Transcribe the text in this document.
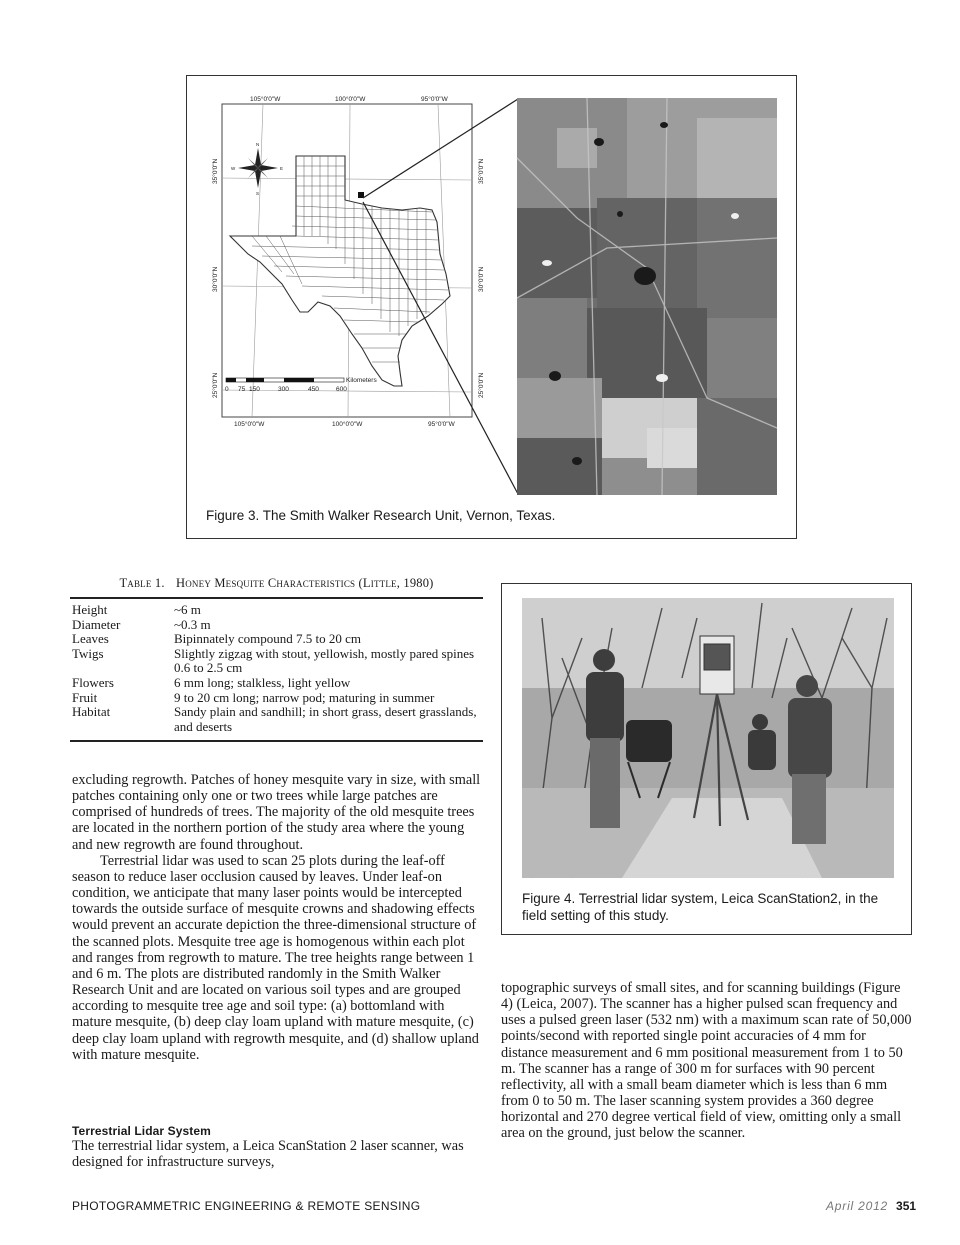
105°0'0"W	100°0'0"W	95°0'0"W
105°0'0"W	100°0'0"W	95°0'0"W
35°0'0"N
30°0'0"N
25°0'0"N
35°0'0"N
30°0'0"N
25°0'0"N
N
S
W	E
Kilometers
0 75 150	300	450	600
Figure 3. The Smith Walker Research Unit, Vernon, Texas.
Table 1. Honey Mesquite Characteristics (Little, 1980)
Height	~6 m
Diameter	~0.3 m
Leaves	Bipinnately compound 7.5 to 20 cm
Twigs	Slightly zigzag with stout, yellowish, mostly pared spines 0.6 to 2.5 cm
Flowers	6 mm long; stalkless, light yellow
Fruit	9 to 20 cm long; narrow pod; maturing in summer
Habitat	Sandy plain and sandhill; in short grass, desert grasslands, and deserts
Figure 4. Terrestrial lidar system, Leica ScanStation2, in the field setting of this study.

excluding regrowth. Patches of honey mesquite vary in size, with small patches containing only one or two trees while large patches are comprised of hundreds of trees. The majority of the old mesquite trees are located in the northern portion of the study area where the young and new regrowth are found throughout.

Terrestrial lidar was used to scan 25 plots during the leaf-off season to reduce laser occlusion caused by leaves. Under leaf-on condition, we anticipate that many laser points would be intercepted towards the outside surface of mesquite crowns and shadowing effects would prevent an accurate depiction the three-dimensional structure of the scanned plots. Mesquite tree age is homogenous within each plot and ranges from regrowth to mature. The tree heights range between 1 and 6 m. The plots are distributed randomly in the Smith Walker Research Unit and are located on various soil types and are grouped according to mesquite tree age and soil type: (a) bottomland with mature mesquite, (b) deep clay loam upland with mature mesquite, (c) deep clay loam upland with regrowth mesquite, and (d) shallow upland with mature mesquite.

Terrestrial Lidar System

The terrestrial lidar system, a Leica ScanStation 2 laser scanner, was designed for infrastructure surveys,

topographic surveys of small sites, and for scanning buildings (Figure 4) (Leica, 2007). The scanner has a higher pulsed scan frequency and uses a pulsed green laser (532 nm) with a maximum scan rate of 50,000 points/second with reported single point accuracies of 4 mm for distance measurement and 6 mm positional measurement from 1 to 50 m. The scanner has a range of 300 m for surfaces with 90 percent reflectivity, all with a small beam diameter which is less than 6 mm from 0 to 50 m. The laser scanning system provides a 360 degree horizontal and 270 degree vertical field of view, omitting only a small area on the ground, just below the scanner.

PHOTOGRAMMETRIC ENGINEERING & REMOTE SENSING	April 2012 351
